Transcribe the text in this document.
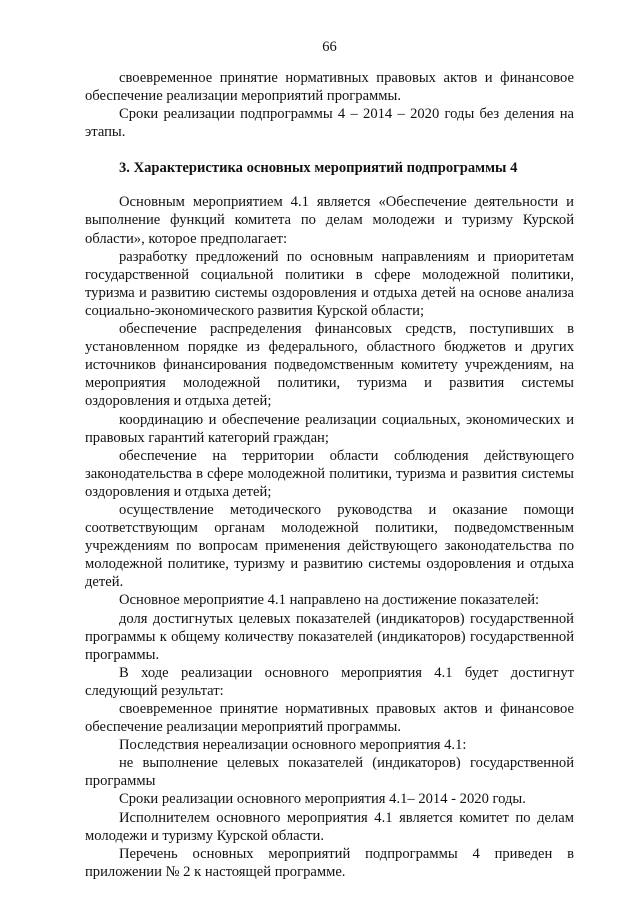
66

своевременное принятие нормативных правовых актов и финансовое обеспечение реализации мероприятий программы.

Сроки реализации подпрограммы 4 – 2014 – 2020 годы без деления на этапы.

3. Характеристика основных мероприятий подпрограммы 4

Основным мероприятием 4.1 является «Обеспечение деятельности и выполнение функций комитета по делам молодежи и туризму Курской области», которое предполагает:

разработку предложений по основным направлениям и приоритетам государственной социальной политики в сфере молодежной политики, туризма и развитию системы оздоровления и отдыха детей на основе анализа социально-экономического развития Курской области;

обеспечение распределения финансовых средств, поступивших в установленном порядке из федерального, областного бюджетов и других источников финансирования подведомственным комитету учреждениям, на мероприятия молодежной политики, туризма и развития системы оздоровления и отдыха детей;

координацию и обеспечение реализации социальных, экономических и правовых гарантий категорий граждан;

обеспечение на территории области соблюдения действующего законодательства в сфере молодежной политики, туризма и развития системы оздоровления и отдыха детей;

осуществление методического руководства и оказание помощи соответствующим органам молодежной политики, подведомственным учреждениям по вопросам применения действующего законодательства по молодежной политике, туризму и развитию системы оздоровления и отдыха детей.

Основное мероприятие 4.1 направлено на достижение показателей:

доля достигнутых целевых показателей (индикаторов) государственной программы к общему количеству показателей (индикаторов) государственной программы.

В ходе реализации основного мероприятия 4.1 будет достигнут следующий результат:

своевременное принятие нормативных правовых актов и финансовое обеспечение реализации мероприятий программы.

Последствия нереализации основного мероприятия 4.1:

не выполнение целевых показателей (индикаторов) государственной программы

Сроки реализации основного мероприятия 4.1– 2014 - 2020 годы.

Исполнителем основного мероприятия 4.1 является комитет по делам молодежи и туризму Курской области.

Перечень основных мероприятий подпрограммы 4 приведен в приложении № 2 к настоящей программе.
